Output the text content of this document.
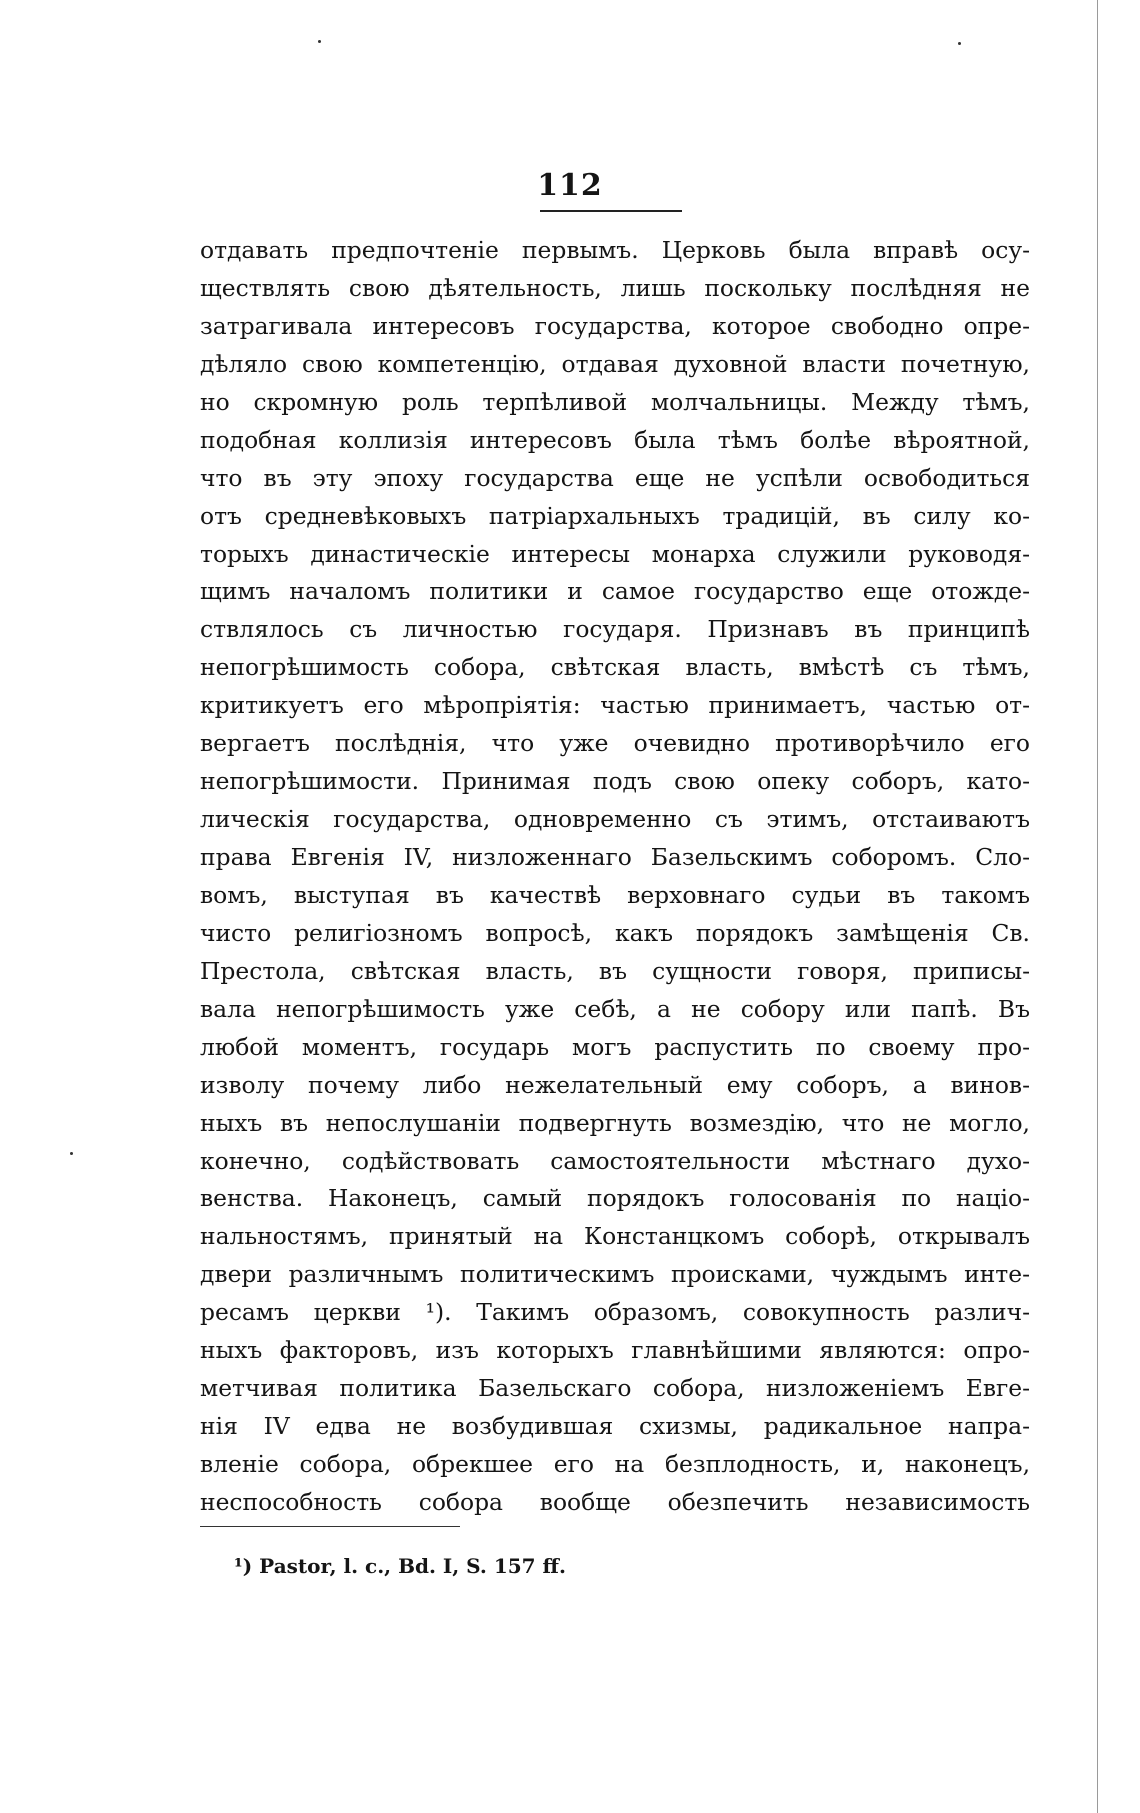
112

отдавать предпочтенiе первымъ. Церковь была вправѣ осу-
ществлять свою дѣятельность, лишь поскольку послѣдняя не
затрагивала интересовъ государства, которое свободно опре-
дѣляло свою компетенцiю, отдавая духовной власти почетную,
но скромную роль терпѣливой молчальницы. Между тѣмъ,
подобная коллизiя интересовъ была тѣмъ болѣе вѣроятной,
что въ эту эпоху государства еще не успѣли освободиться
отъ средневѣковыхъ патрiархальныхъ традицiй, въ силу ко-
торыхъ династическiе интересы монарха служили руководя-
щимъ началомъ политики и самое государство еще отожде-
ствлялось съ личностью государя. Признавъ въ принципѣ
непогрѣшимость собора, свѣтская власть, вмѣстѣ съ тѣмъ,
критикуетъ его мѣропрiятiя: частью принимаетъ, частью от-
вергаетъ послѣднiя, что уже очевидно противорѣчило его
непогрѣшимости. Принимая подъ свою опеку соборъ, като-
лическiя государства, одновременно съ этимъ, отстаиваютъ
права Евгенiя IV, низложеннаго Базельскимъ соборомъ. Сло-
вомъ, выступая въ качествѣ верховнаго судьи въ такомъ
чисто религiозномъ вопросѣ, какъ порядокъ замѣщенiя Св.
Престола, свѣтская власть, въ сущности говоря, приписы-
вала непогрѣшимость уже себѣ, а не собору или папѣ. Въ
любой моментъ, государь могъ распустить по своему про-
изволу почему либо нежелательный ему соборъ, а винов-
ныхъ въ непослушанiи подвергнуть возмездiю, что не могло,
конечно, содѣйствовать самостоятельности мѣстнаго духо-
венства. Наконецъ, самый порядокъ голосованiя по нацiо-
нальностямъ, принятый на Констанцкомъ соборѣ, открывалъ
двери различнымъ политическимъ происками, чуждымъ инте-
ресамъ церкви ¹). Такимъ образомъ, совокупность различ-
ныхъ факторовъ, изъ которыхъ главнѣйшими являются: опро-
метчивая политика Базельскаго собора, низложенiемъ Евге-
нiя IV едва не возбудившая схизмы, радикальное напра-
вленiе собора, обрекшее его на безплодность, и, наконецъ,
неспособность собора вообще обезпечить независимость

¹) Pastor, l. c., Bd. I, S. 157 ff.
